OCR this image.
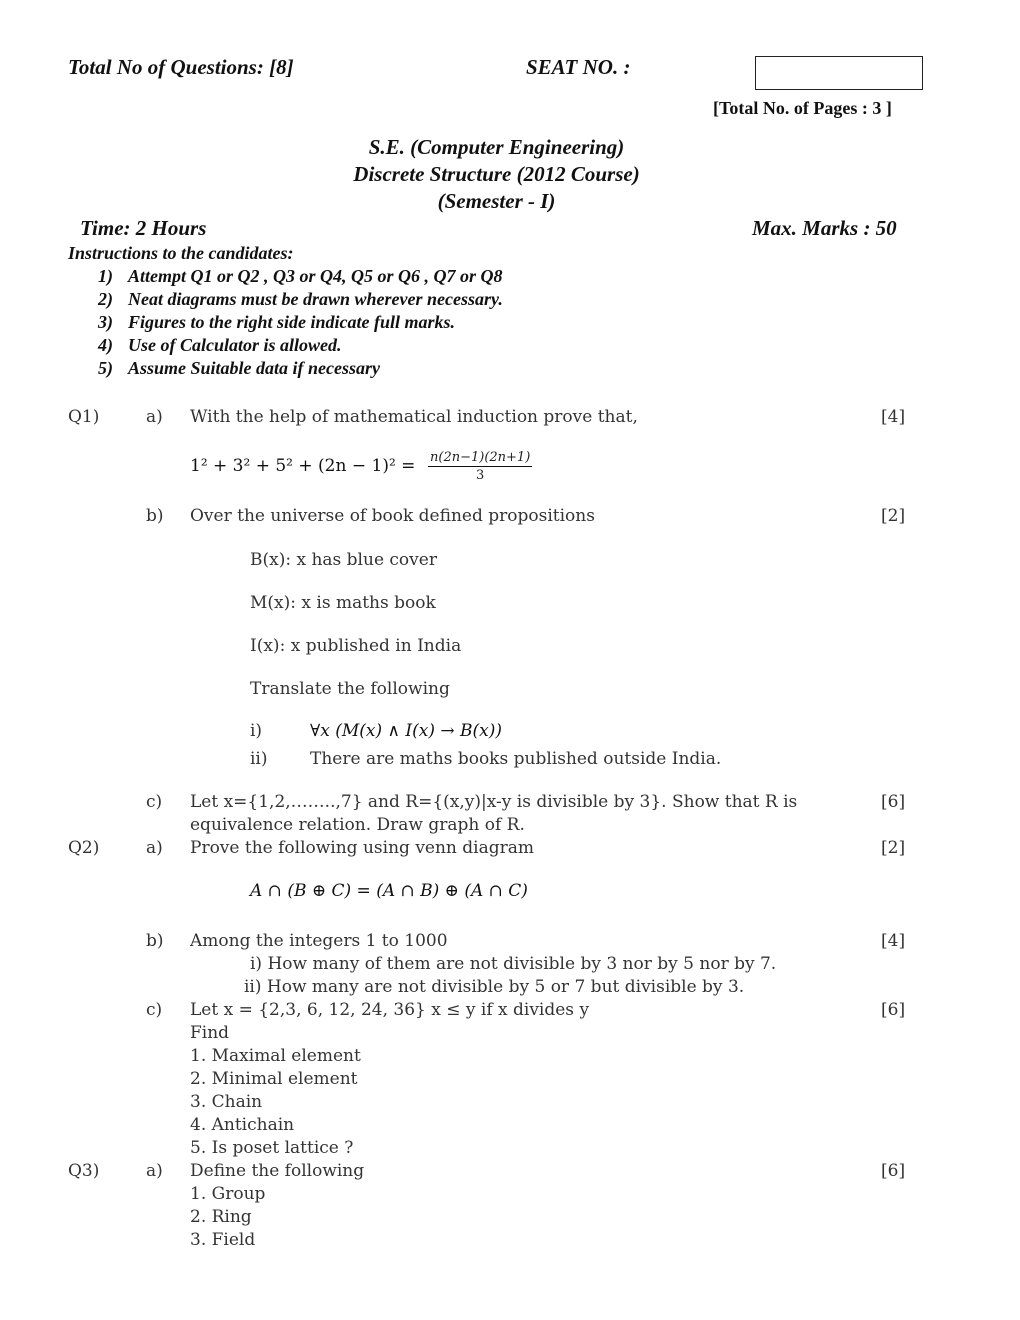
Total No of Questions: [8]	SEAT NO. :
[Total No. of Pages : 3 ]
S.E. (Computer Engineering)
Discrete Structure (2012 Course)
(Semester - I)
Time: 2 Hours	Max. Marks : 50
Instructions to the candidates:
1) Attempt Q1 or Q2 , Q3 or Q4, Q5 or Q6 , Q7 or Q8
2) Neat diagrams must be drawn wherever necessary.
3) Figures to the right side indicate full marks.
4) Use of Calculator is allowed.
5) Assume Suitable data if necessary
Q1)	a) With the help of mathematical induction prove that,	[4]
$1^2 + 3^2 + 5^2 + (2n - 1)^2 = \frac{n(2n-1)(2n+1)}{3}$
b) Over the universe of book defined propositions	[2]
B(x): x has blue cover
M(x): x is maths book
I(x): x published in India
Translate the following
i)	∀x (M(x) ∧ I(x) → B(x))
ii) There are maths books published outside India.
c) Let x={1,2,……..,7} and R={(x,y)|x-y is divisible by 3}. Show that R is	[6]
equivalence relation. Draw graph of R.
Q2)	a) Prove the following using venn diagram	[2]
A ∩ (B ⊕ C) = (A ∩ B) ⊕ (A ∩ C)
b) Among the integers 1 to 1000	[4]
i) How many of them are not divisible by 3 nor by 5 nor by 7.
ii) How many are not divisible by 5 or 7 but divisible by 3.
c) Let x = {2,3, 6, 12, 24, 36} x ≤ y if x divides y	[6]
Find
1. Maximal element
2. Minimal element
3. Chain
4. Antichain
5. Is poset lattice ?
Q3)	a) Define the following	[6]
1. Group
2. Ring
3. Field
